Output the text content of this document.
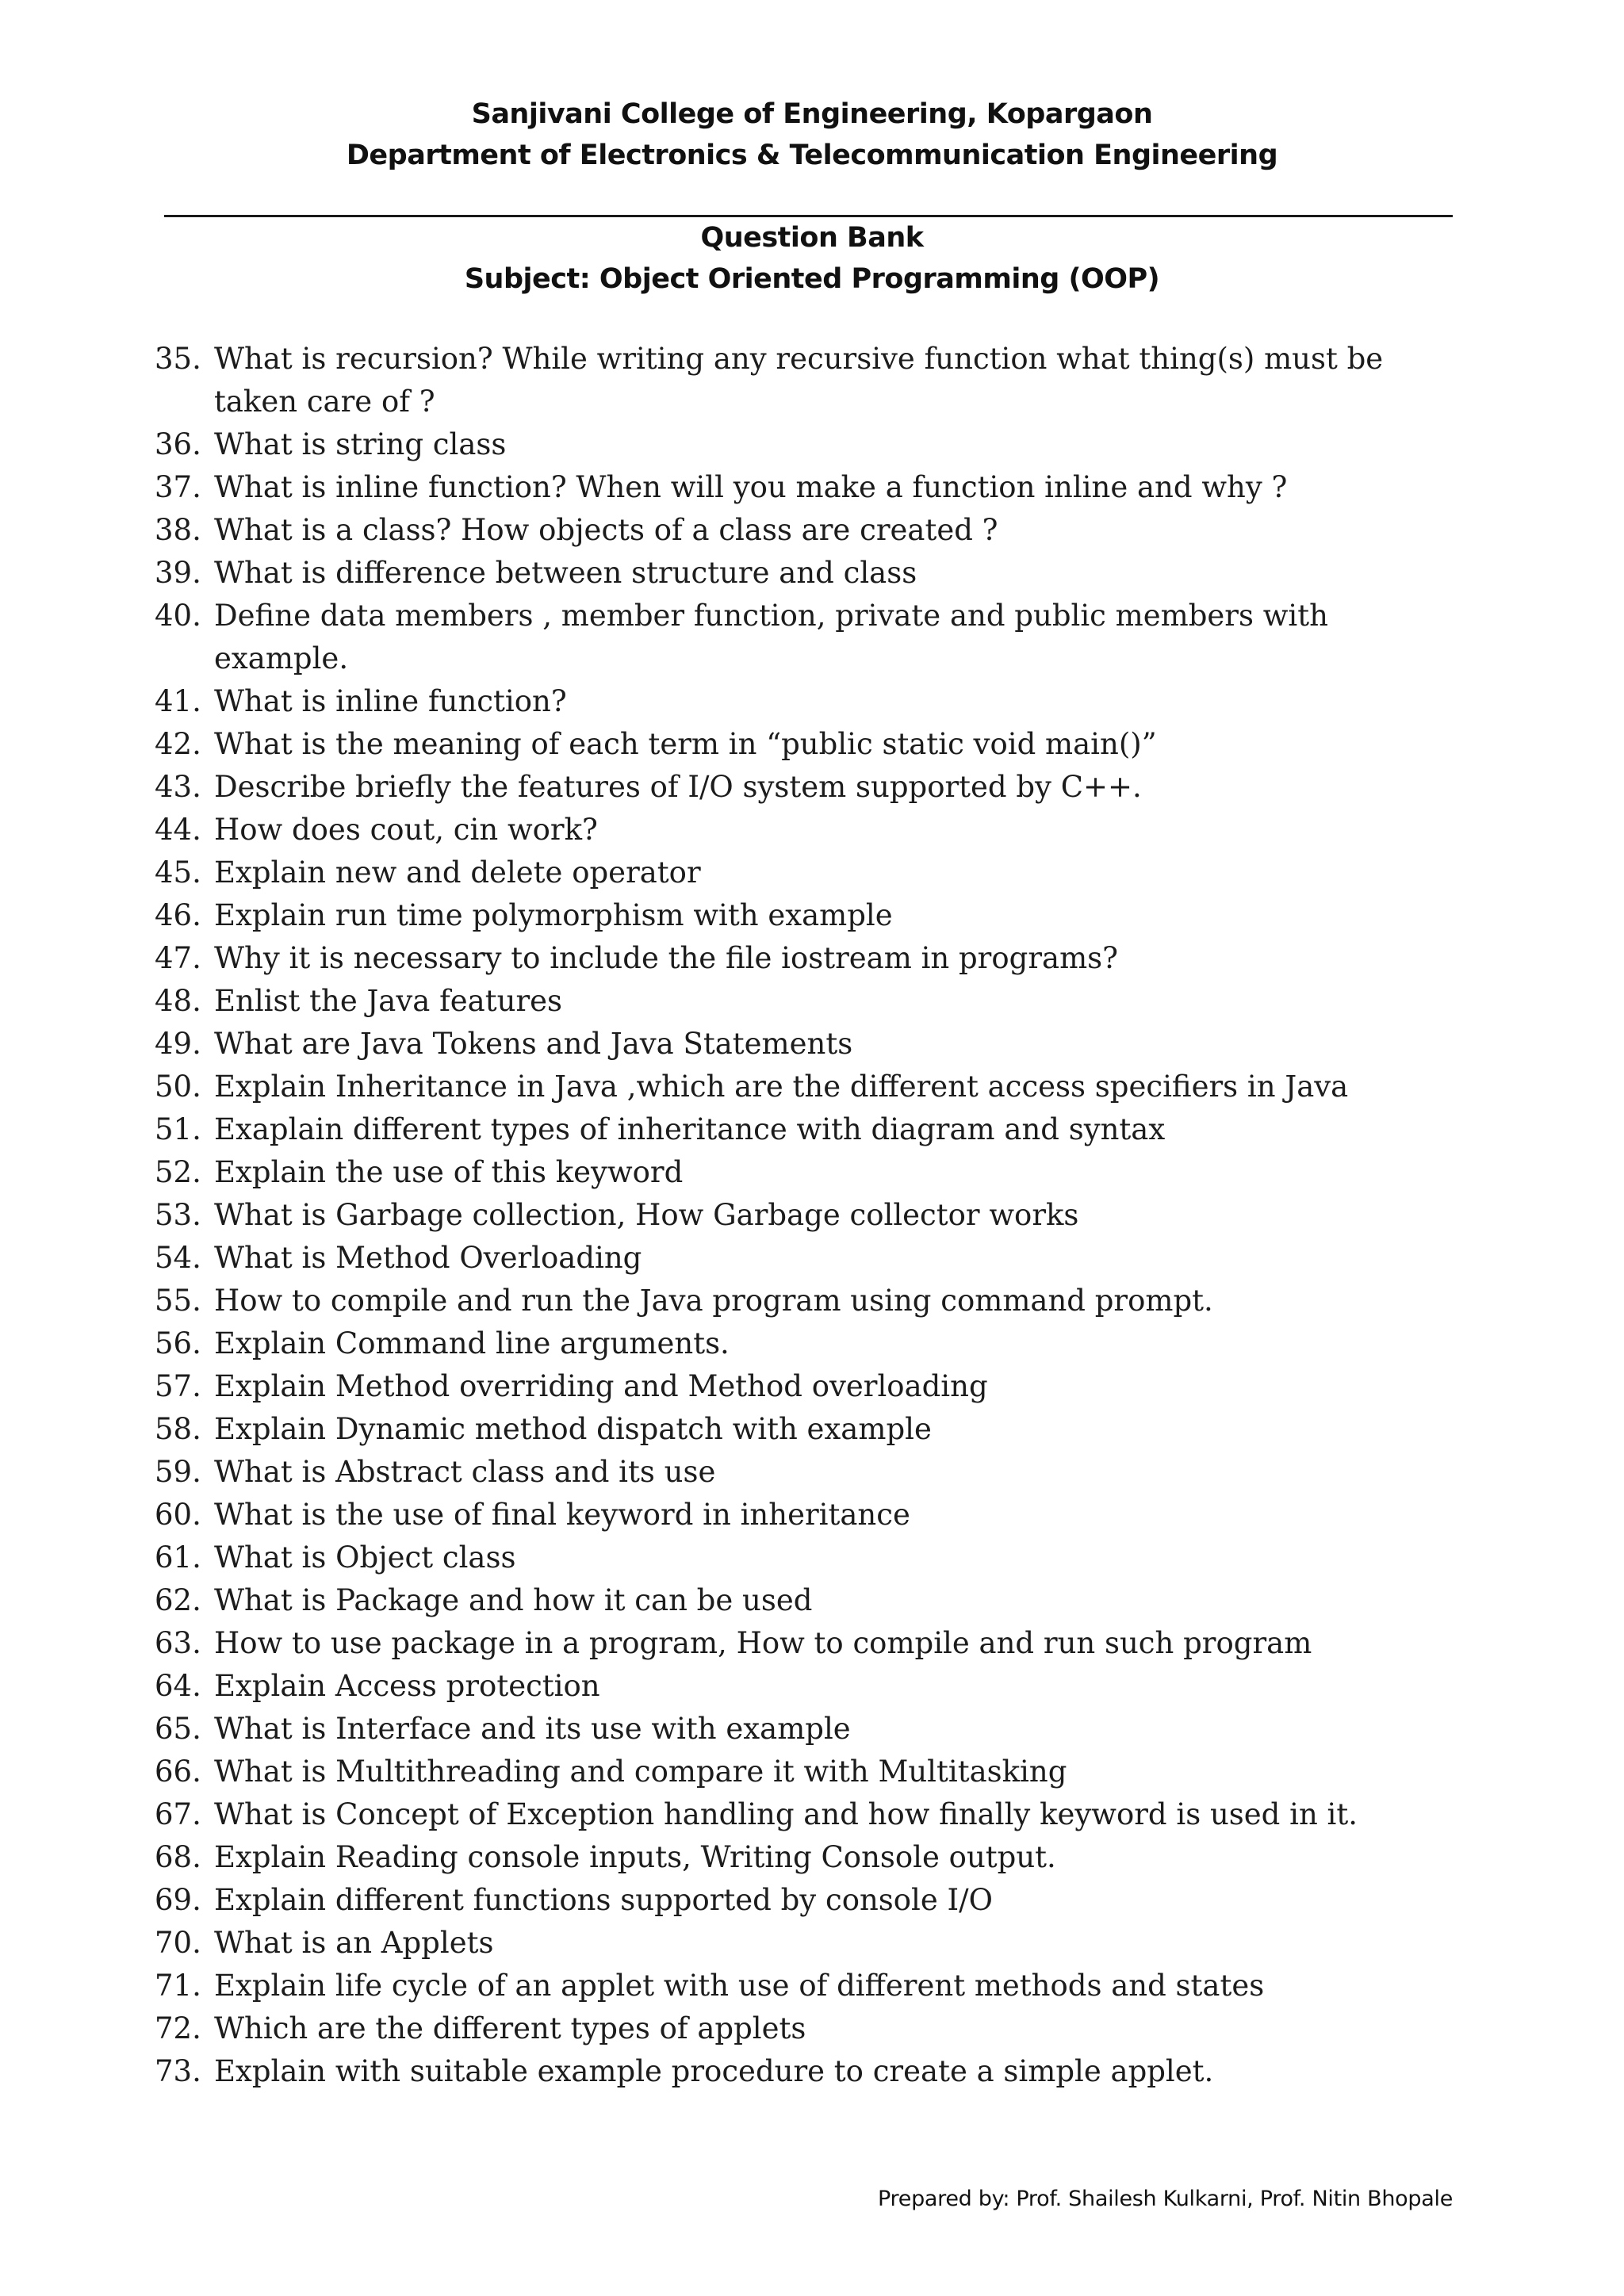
Sanjivani College of Engineering, Kopargaon
Department of Electronics & Telecommunication Engineering
Question Bank
Subject: Object Oriented Programming (OOP)
35. What is recursion? While writing any recursive function what thing(s) must be
taken care of ?
36. What is string class
37. What is inline function? When will you make a function inline and why ?
38. What is a class? How objects of a class are created ?
39. What is difference between structure and class
40. Define data members , member function, private and public members with
example.
41. What is inline function?
42. What is the meaning of each term in “public static void main()”
43. Describe briefly the features of I/O system supported by C++.
44. How does cout, cin work?
45. Explain new and delete operator
46. Explain run time polymorphism with example
47. Why it is necessary to include the file iostream in programs?
48. Enlist the Java features
49. What are Java Tokens and Java Statements
50. Explain Inheritance in Java ,which are the different access specifiers in Java
51. Exaplain different types of inheritance with diagram and syntax
52. Explain the use of this keyword
53. What is Garbage collection, How Garbage collector works
54. What is Method Overloading
55. How to compile and run the Java program using command prompt.
56. Explain Command line arguments.
57. Explain Method overriding and Method overloading
58. Explain Dynamic method dispatch with example
59. What is Abstract class and its use
60. What is the use of final keyword in inheritance
61. What is Object class
62. What is Package and how it can be used
63. How to use package in a program, How to compile and run such program
64. Explain Access protection
65. What is Interface and its use with example
66. What is Multithreading and compare it with Multitasking
67. What is Concept of Exception handling and how finally keyword is used in it.
68. Explain Reading console inputs, Writing Console output.
69. Explain different functions supported by console I/O
70. What is an Applets
71. Explain life cycle of an applet with use of different methods and states
72. Which are the different types of applets
73. Explain with suitable example procedure to create a simple applet.
Prepared by: Prof. Shailesh Kulkarni, Prof. Nitin Bhopale
